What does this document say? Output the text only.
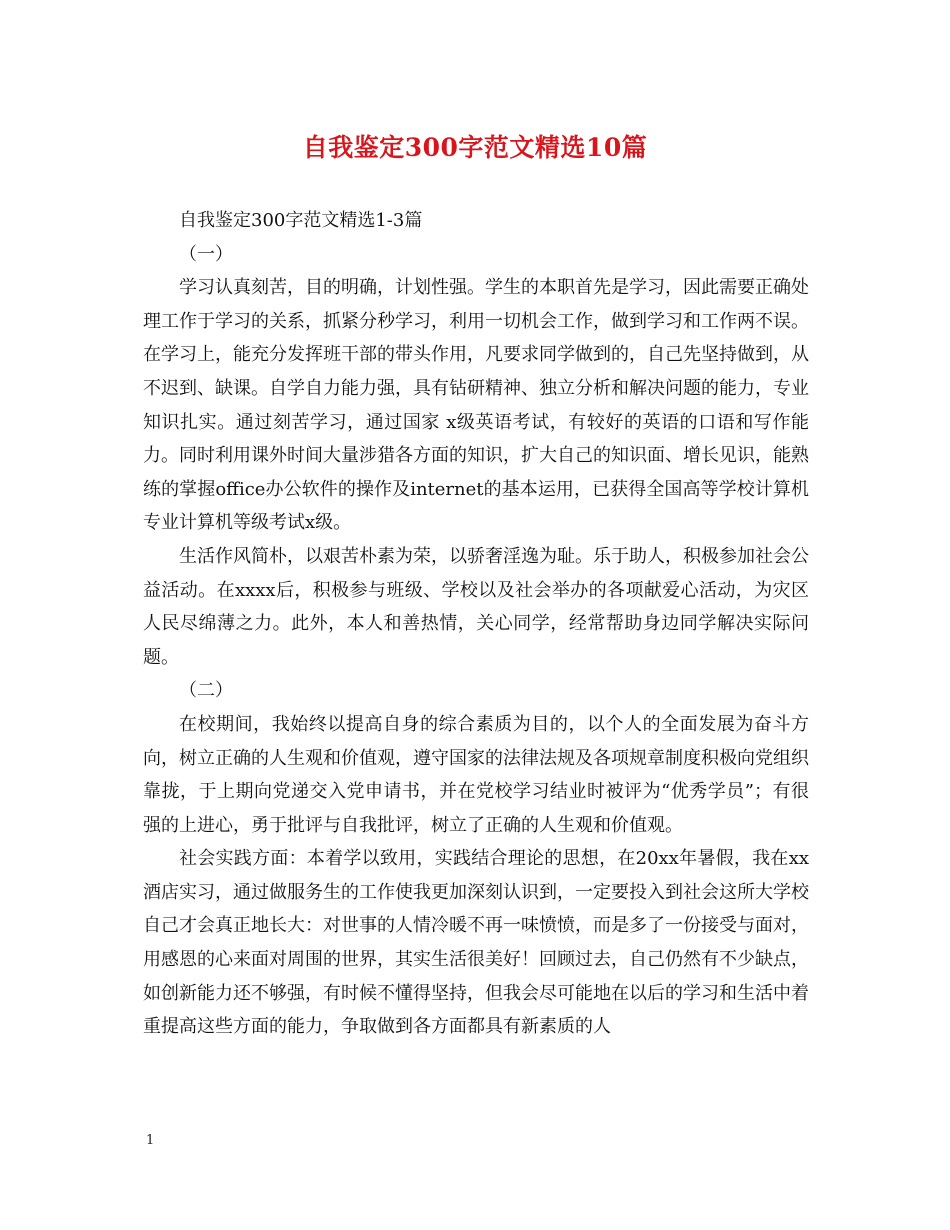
自我鉴定300字范文精选10篇

自我鉴定300字范文精选1-3篇

（一）

学习认真刻苦，目的明确，计划性强。学生的本职首先是学习，因此需要正确处理工作于学习的关系，抓紧分秒学习，利用一切机会工作，做到学习和工作两不误。在学习上，能充分发挥班干部的带头作用，凡要求同学做到的，自己先坚持做到，从不迟到、缺课。自学自力能力强，具有钻研精神、独立分析和解决问题的能力，专业知识扎实。通过刻苦学习，通过国家 x级英语考试，有较好的英语的口语和写作能力。同时利用课外时间大量涉猎各方面的知识，扩大自己的知识面、增长见识，能熟练的掌握office办公软件的操作及internet的基本运用，已获得全国高等学校计算机专业计算机等级考试x级。

生活作风简朴，以艰苦朴素为荣，以骄奢淫逸为耻。乐于助人，积极参加社会公益活动。在xxxx后，积极参与班级、学校以及社会举办的各项献爱心活动，为灾区人民尽绵薄之力。此外，本人和善热情，关心同学，经常帮助身边同学解决实际问题。

（二）

在校期间，我始终以提高自身的综合素质为目的，以个人的全面发展为奋斗方向，树立正确的人生观和价值观，遵守国家的法律法规及各项规章制度积极向党组织靠拢，于上期向党递交入党申请书，并在党校学习结业时被评为“优秀学员”；有很强的上进心，勇于批评与自我批评，树立了正确的人生观和价值观。

社会实践方面：本着学以致用，实践结合理论的思想，在20xx年暑假，我在xx酒店实习，通过做服务生的工作使我更加深刻认识到，一定要投入到社会这所大学校自己才会真正地长大：对世事的人情冷暖不再一味愤愤，而是多了一份接受与面对，用感恩的心来面对周围的世界，其实生活很美好！回顾过去，自己仍然有不少缺点，如创新能力还不够强，有时候不懂得坚持，但我会尽可能地在以后的学习和生活中着重提高这些方面的能力，争取做到各方面都具有新素质的人

1
